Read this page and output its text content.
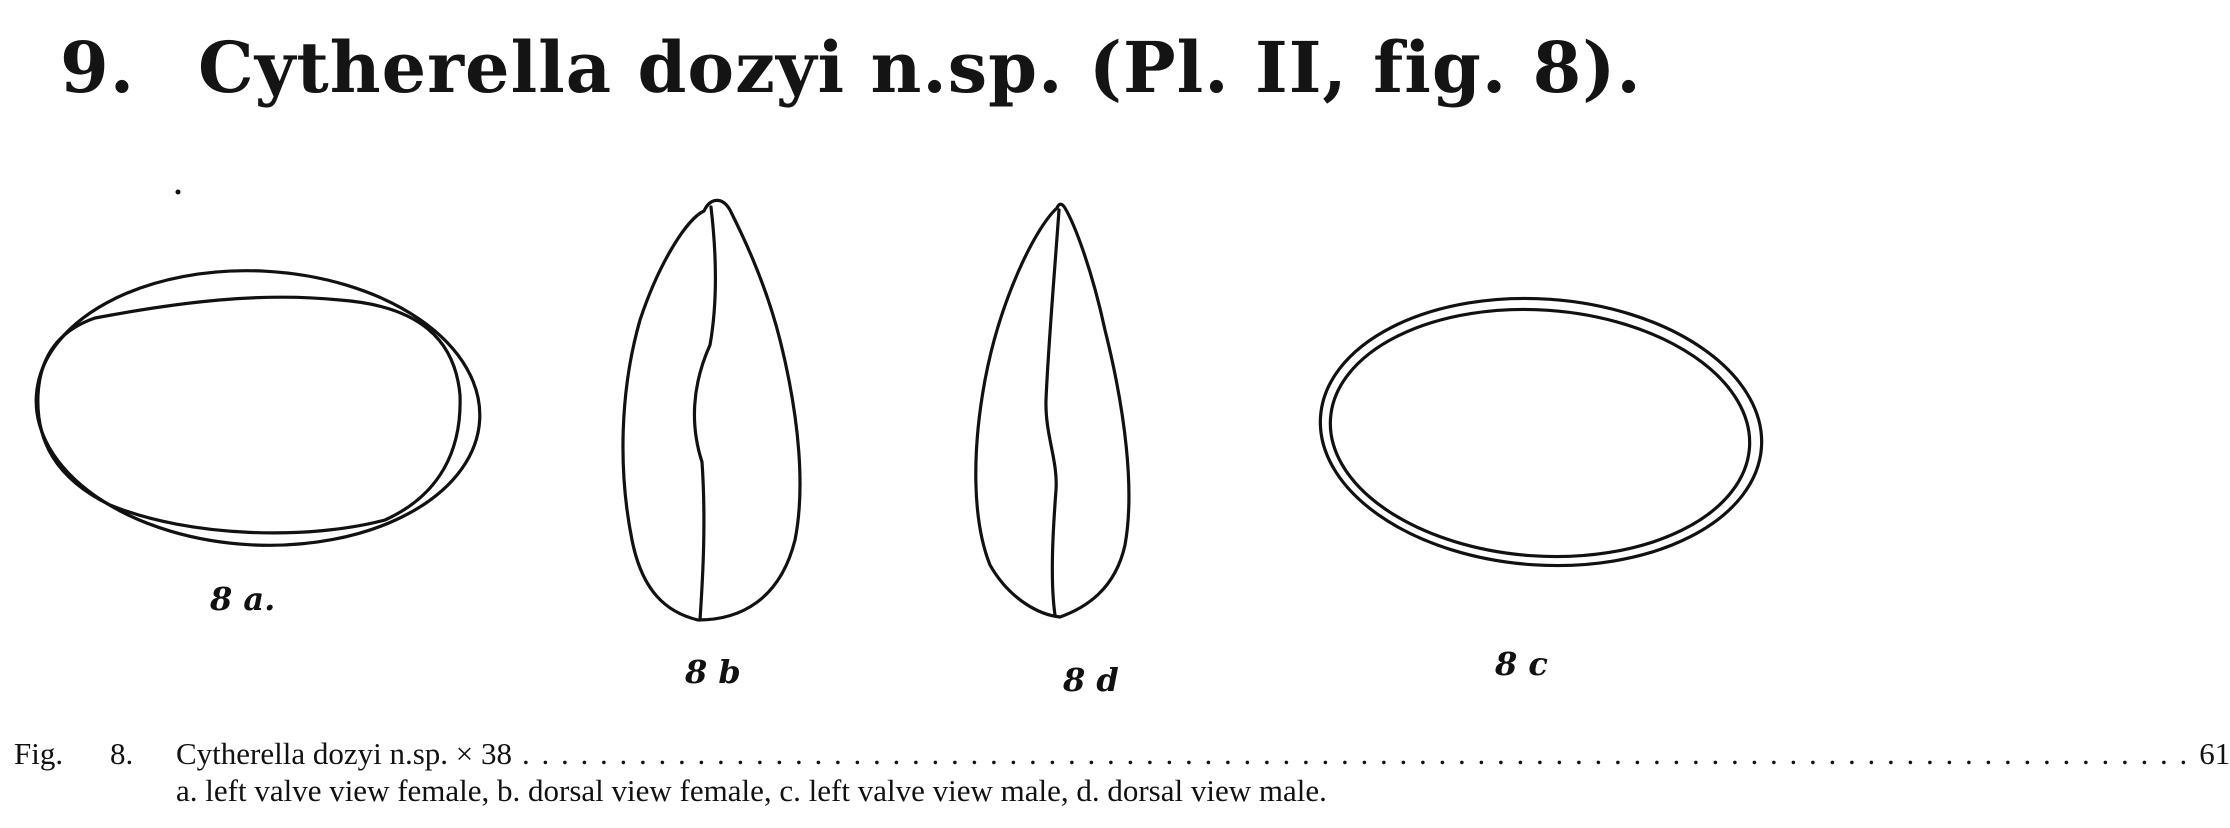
9. Cytherella dozyi n.sp. (Pl. II, fig. 8).
8 a.
8 b	8 d	8 c
Fig.	8.	Cytherella dozyi n.sp. × 38 . . . . . . . . . . . . . . . . . . . . . . . . . . . . . . . . . . . . . . . . . . . . . . . . . . . . . . . . . . . . . . . . . . . . . . . . . . . . . . . . . . . . . . 61
a. left valve view female, b. dorsal view female, c. left valve view male, d. dorsal view male.
